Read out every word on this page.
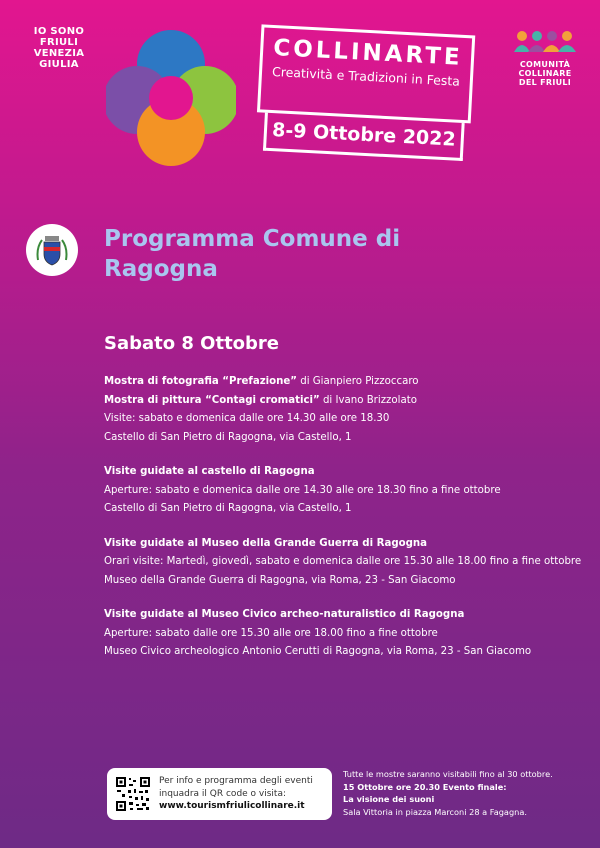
IO SONO
FRIULI
VENEZIA
GIULIA	COLLINARTE
Creatività e Tradizioni in Festa
8-9 Ottobre 2022
COMUNITÀ
COLLINARE
DEL FRIULI
Programma Comune di
Ragogna
Sabato 8 Ottobre
Mostra di fotografia “Prefazione” di Gianpiero Pizzoccaro
Mostra di pittura “Contagi cromatici” di Ivano Brizzolato
Visite: sabato e domenica dalle ore 14.30 alle ore 18.30
Castello di San Pietro di Ragogna, via Castello, 1
Visite guidate al castello di Ragogna
Aperture: sabato e domenica dalle ore 14.30 alle ore 18.30 fino a fine ottobre
Castello di San Pietro di Ragogna, via Castello, 1
Visite guidate al Museo della Grande Guerra di Ragogna
Orari visite: Martedì, giovedì, sabato e domenica dalle ore 15.30 alle 18.00 fino a fine ottobre
Museo della Grande Guerra di Ragogna, via Roma, 23 - San Giacomo
Visite guidate al Museo Civico archeo-naturalistico di Ragogna
Aperture: sabato dalle ore 15.30 alle ore 18.00 fino a fine ottobre
Museo Civico archeologico Antonio Cerutti di Ragogna, via Roma, 23 - San Giacomo
Per info e programma degli eventi
inquadra il QR code o visita:
www.tourismfriulicollinare.it
Tutte le mostre saranno visitabili fino al 30 ottobre.
15 Ottobre ore 20.30 Evento finale:
La visione dei suoni
Sala Vittoria in piazza Marconi 28 a Fagagna.
